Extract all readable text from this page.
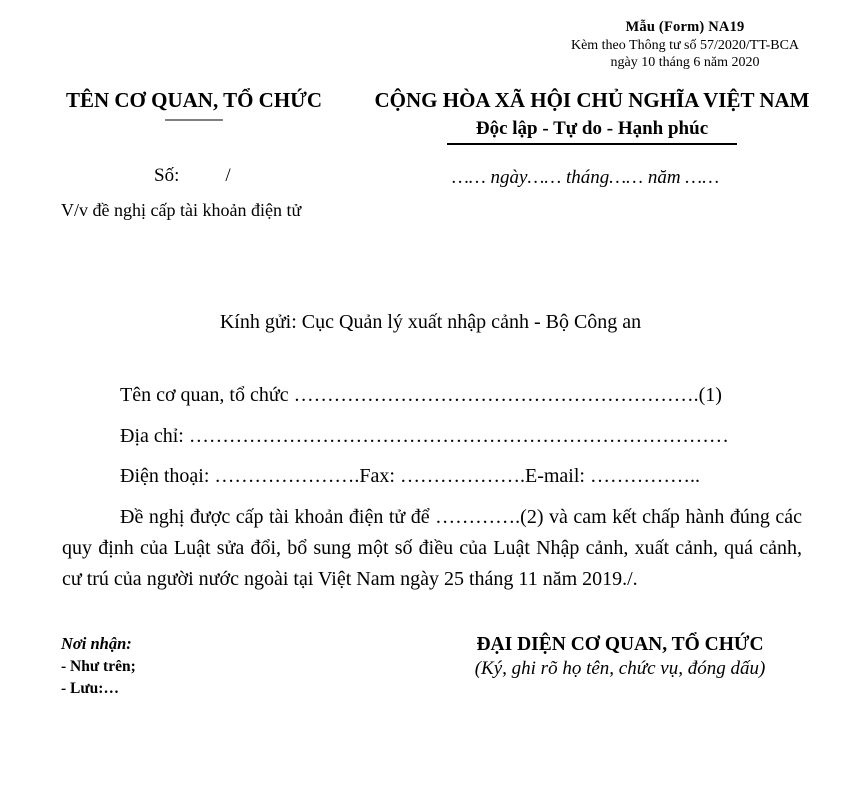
Mẫu (Form) NA19
Kèm theo Thông tư số 57/2020/TT-BCA
ngày 10 tháng 6 năm 2020
TÊN CƠ QUAN, TỔ CHỨC	CỘNG HÒA XÃ HỘI CHỦ NGHĨA VIỆT NAM
Độc lập - Tự do - Hạnh phúc
Số: /	…… ngày…… tháng…… năm ……
V/v đề nghị cấp tài khoản điện tử
Kính gửi: Cục Quản lý xuất nhập cảnh - Bộ Công an

Tên cơ quan, tổ chức …………………………………………………….(1)

Địa chỉ: ………………………………………………………………………

Điện thoại: ………………….Fax: ……………….E-mail: ……………..

Đề nghị được cấp tài khoản điện tử để ………….(2) và cam kết chấp hành đúng các quy định của Luật sửa đổi, bổ sung một số điều của Luật Nhập cảnh, xuất cảnh, quá cảnh, cư trú của người nước ngoài tại Việt Nam ngày 25 tháng 11 năm 2019./.

Nơi nhận:
- Như trên;
- Lưu:…
ĐẠI DIỆN CƠ QUAN, TỔ CHỨC
(Ký, ghi rõ họ tên, chức vụ, đóng dấu)
